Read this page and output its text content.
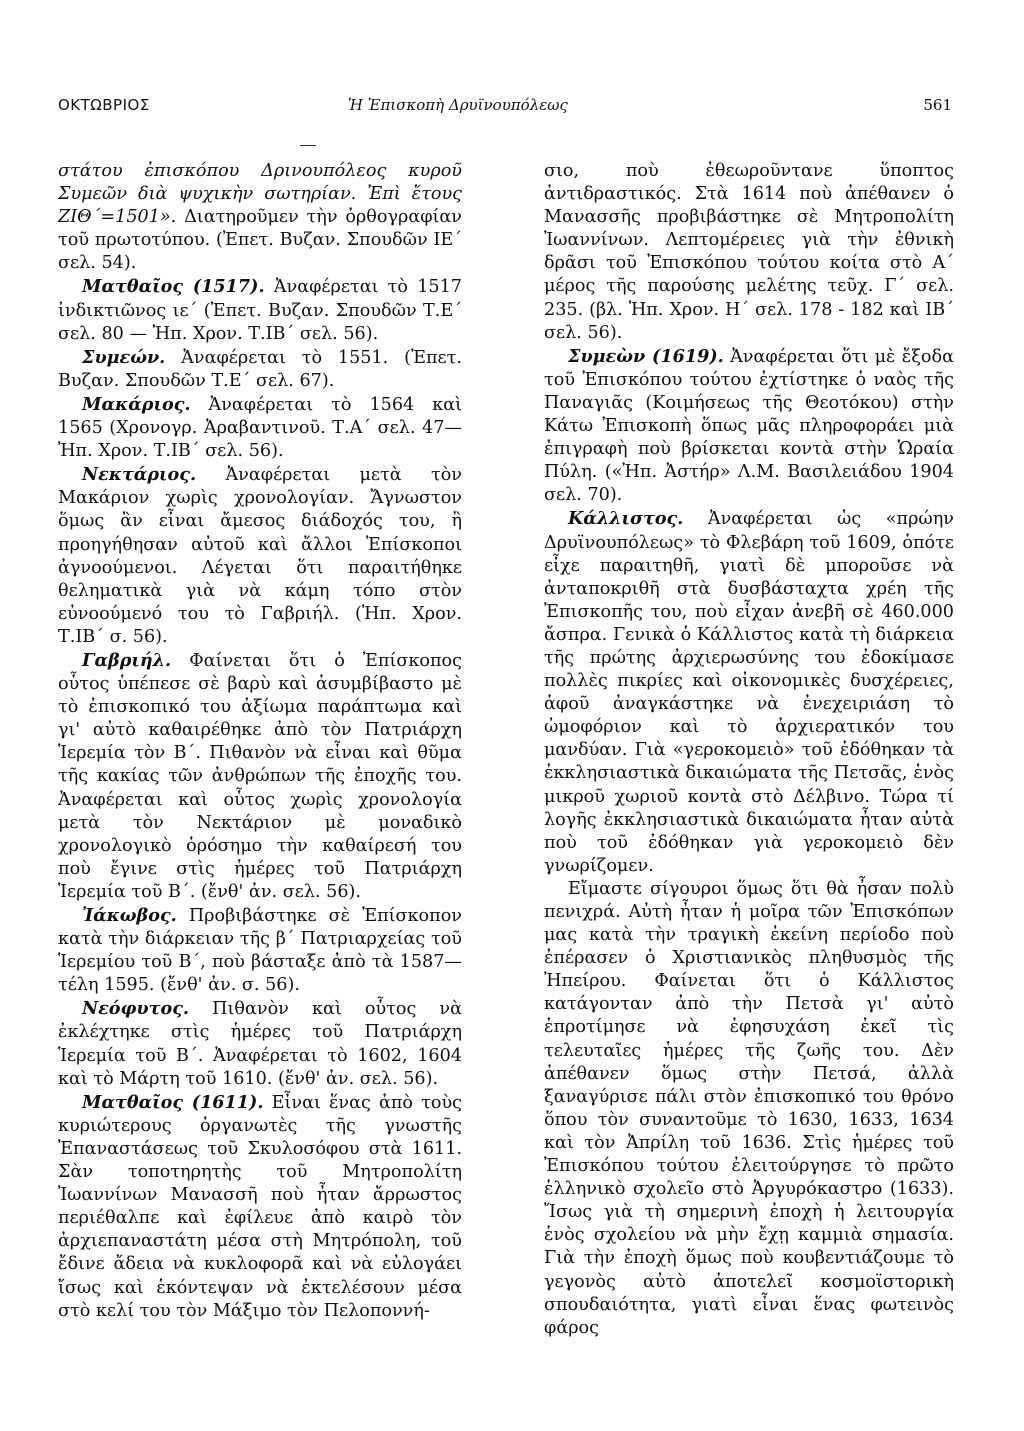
ΟΚΤΩΒΡΙΟΣ	Ἡ Ἐπισκοπὴ Δρυϊνουπόλεως	561

στάτου ἐπισκόπου Δρινουπόλεος κυροῦ Συμεῶν διὰ ψυχικὴν σωτηρίαν. Ἐπὶ ἔτους ΖΙΘ΄=1501». Διατηροῦμεν τὴν ὀρθογραφίαν τοῦ πρωτοτύπου. (Ἐπετ. Βυζαν. Σπουδῶν ΙΕ΄ σελ. 54).

Ματθαῖος (1517). Ἀναφέρεται τὸ 1517 ἰνδικτιῶνος ιε΄ (Ἐπετ. Βυζαν. Σπουδῶν Τ.Ε΄ σελ. 80 — Ἠπ. Χρον. Τ.ΙΒ΄ σελ. 56).

Συμεών. Ἀναφέρεται τὸ 1551. (Ἐπετ. Βυζαν. Σπουδῶν Τ.Ε΄ σελ. 67).

Μακάριος. Ἀναφέρεται τὸ 1564 καὶ 1565 (Χρονογρ. Ἀραβαντινοῦ. Τ.Α΄ σελ. 47—Ἠπ. Χρον. Τ.ΙΒ΄ σελ. 56).

Νεκτάριος. Ἀναφέρεται μετὰ τὸν Μακάριον χωρὶς χρονολογίαν. Ἄγνωστον ὅμως ἂν εἶναι ἄμεσος διάδοχός του, ἢ προηγήθησαν αὐτοῦ καὶ ἄλλοι Ἐπίσκοποι ἀγνοούμενοι. Λέγεται ὅτι παραιτήθηκε θεληματικὰ γιὰ νὰ κάμη τόπο στὸν εὐνοούμενό του τὸ Γαβριήλ. (Ἠπ. Χρον. Τ.ΙΒ΄ σ. 56).

Γαβριήλ. Φαίνεται ὅτι ὁ Ἐπίσκοπος οὗτος ὑπέπεσε σὲ βαρὺ καὶ ἀσυμβίβαστο μὲ τὸ ἐπισκοπικό του ἀξίωμα παράπτωμα καὶ γι' αὐτὸ καθαιρέθηκε ἀπὸ τὸν Πατριάρχη Ἱερεμία τὸν Β΄. Πιθανὸν νὰ εἶναι καὶ θῦμα τῆς κακίας τῶν ἀνθρώπων τῆς ἐποχῆς του. Ἀναφέρεται καὶ οὗτος χωρὶς χρονολογία μετὰ τὸν Νεκτάριον μὲ μοναδικὸ χρονολογικὸ ὁρόσημο τὴν καθαίρεσή του ποὺ ἔγινε στὶς ἡμέρες τοῦ Πατριάρχη Ἱερεμία τοῦ Β΄. (ἔνθ' ἀν. σελ. 56).

Ἰάκωβος. Προβιβάστηκε σὲ Ἐπίσκοπον κατὰ τὴν διάρκειαν τῆς β΄ Πατριαρχείας τοῦ Ἱερεμίου τοῦ Β΄, ποὺ βάσταξε ἀπὸ τὰ 1587—τέλη 1595. (ἔνθ' ἀν. σ. 56).

Νεόφυτος. Πιθανὸν καὶ οὗτος νὰ ἐκλέχτηκε στὶς ἡμέρες τοῦ Πατριάρχη Ἱερεμία τοῦ Β΄. Ἀναφέρεται τὸ 1602, 1604 καὶ τὸ Μάρτη τοῦ 1610. (ἔνθ' ἀν. σελ. 56).

Ματθαῖος (1611). Εἶναι ἕνας ἀπὸ τοὺς κυριώτερους ὀργανωτὲς τῆς γνωστῆς Ἐπαναστάσεως τοῦ Σκυλοσόφου στὰ 1611. Σὰν τοποτηρητὴς τοῦ Μητροπολίτη Ἰωαννίνων Μανασσῆ ποὺ ἦταν ἄρρωστος περιέθαλπε καὶ ἐφίλευε ἀπὸ καιρὸ τὸν ἀρχιεπαναστάτη μέσα στὴ Μητρόπολη, τοῦ ἔδινε ἄδεια νὰ κυκλοφορᾶ καὶ νὰ εὐλογάει ἴσως καὶ ἑκόντεψαν νὰ ἐκτελέσουν μέσα στὸ κελί του τὸν Μάξιμο τὸν Πελοποννή-

σιο, ποὺ ἐθεωροῦντανε ὕποπτος ἀντιδραστικός. Στὰ 1614 ποὺ ἀπέθανεν ὁ Μανασσῆς προβιβάστηκε σὲ Μητροπολίτη Ἰωαννίνων. Λεπτομέρειες γιὰ τὴν ἐθνικὴ δρᾶσι τοῦ Ἐπισκόπου τούτου κοίτα στὸ Α΄ μέρος τῆς παρούσης μελέτης τεῦχ. Γ΄ σελ. 235. (βλ. Ἠπ. Χρον. Η΄ σελ. 178 - 182 καὶ ΙΒ΄ σελ. 56).

Συμεὼν (1619). Ἀναφέρεται ὅτι μὲ ἔξοδα τοῦ Ἐπισκόπου τούτου ἐχτίστηκε ὁ ναὸς τῆς Παναγιᾶς (Κοιμήσεως τῆς Θεοτόκου) στὴν Κάτω Ἐπισκοπὴ ὅπως μᾶς πληροφοράει μιὰ ἐπιγραφὴ ποὺ βρίσκεται κοντὰ στὴν Ὡραία Πύλη. («Ἠπ. Ἀστήρ» Λ.Μ. Βασιλειάδου 1904 σελ. 70).

Κάλλιστος. Ἀναφέρεται ὡς «πρώην Δρυϊνουπόλεως» τὸ Φλεβάρη τοῦ 1609, ὁπότε εἶχε παραιτηθῆ, γιατὶ δὲ μποροῦσε νὰ ἀνταποκριθῆ στὰ δυσβάσταχτα χρέη τῆς Ἐπισκοπῆς του, ποὺ εἶχαν ἀνεβῆ σὲ 460.000 ἄσπρα. Γενικὰ ὁ Κάλλιστος κατὰ τὴ διάρκεια τῆς πρώτης ἀρχιερωσύνης του ἐδοκίμασε πολλὲς πικρίες καὶ οἰκονομικὲς δυσχέρειες, ἀφοῦ ἀναγκάστηκε νὰ ἐνεχειριάση τὸ ὠμοφόριον καὶ τὸ ἀρχιερατικόν του μανδύαν. Γιὰ «γεροκομειὸ» τοῦ ἐδόθηκαν τὰ ἐκκλησιαστικὰ δικαιώματα τῆς Πετσᾶς, ἑνὸς μικροῦ χωριοῦ κοντὰ στὸ Δέλβινο. Τώρα τί λογῆς ἐκκλησιαστικὰ δικαιώματα ἦταν αὐτὰ ποὺ τοῦ ἐδόθηκαν γιὰ γεροκομειὸ δὲν γνωρίζομεν.

Εἴμαστε σίγουροι ὅμως ὅτι θὰ ἦσαν πολὺ πενιχρά. Αὐτὴ ἦταν ἡ μοῖρα τῶν Ἐπισκόπων μας κατὰ τὴν τραγικὴ ἐκείνη περίοδο ποὺ ἐπέρασεν ὁ Χριστιανικὸς πληθυσμὸς τῆς Ἠπείρου. Φαίνεται ὅτι ὁ Κάλλιστος κατάγονταν ἀπὸ τὴν Πετσὰ γι' αὐτὸ ἐπροτίμησε νὰ ἐφησυχάση ἐκεῖ τὶς τελευταῖες ἡμέρες τῆς ζωῆς του. Δὲν ἀπέθανεν ὅμως στὴν Πετσά, ἀλλὰ ξαναγύρισε πάλι στὸν ἐπισκοπικό του θρόνο ὅπου τὸν συναντοῦμε τὸ 1630, 1633, 1634 καὶ τὸν Ἀπρίλη τοῦ 1636. Στὶς ἡμέρες τοῦ Ἐπισκόπου τούτου ἐλειτούργησε τὸ πρῶτο ἑλληνικὸ σχολεῖο στὸ Ἀργυρόκαστρο (1633). Ἴσως γιὰ τὴ σημερινὴ ἐποχὴ ἡ λειτουργία ἑνὸς σχολείου νὰ μὴν ἔχῃ καμμιὰ σημασία. Γιὰ τὴν ἐποχὴ ὅμως ποὺ κουβεντιάζουμε τὸ γεγονὸς αὐτὸ ἀποτελεῖ κοσμοϊστορικὴ σπουδαιότητα, γιατὶ εἶναι ἕνας φωτεινὸς φάρος
